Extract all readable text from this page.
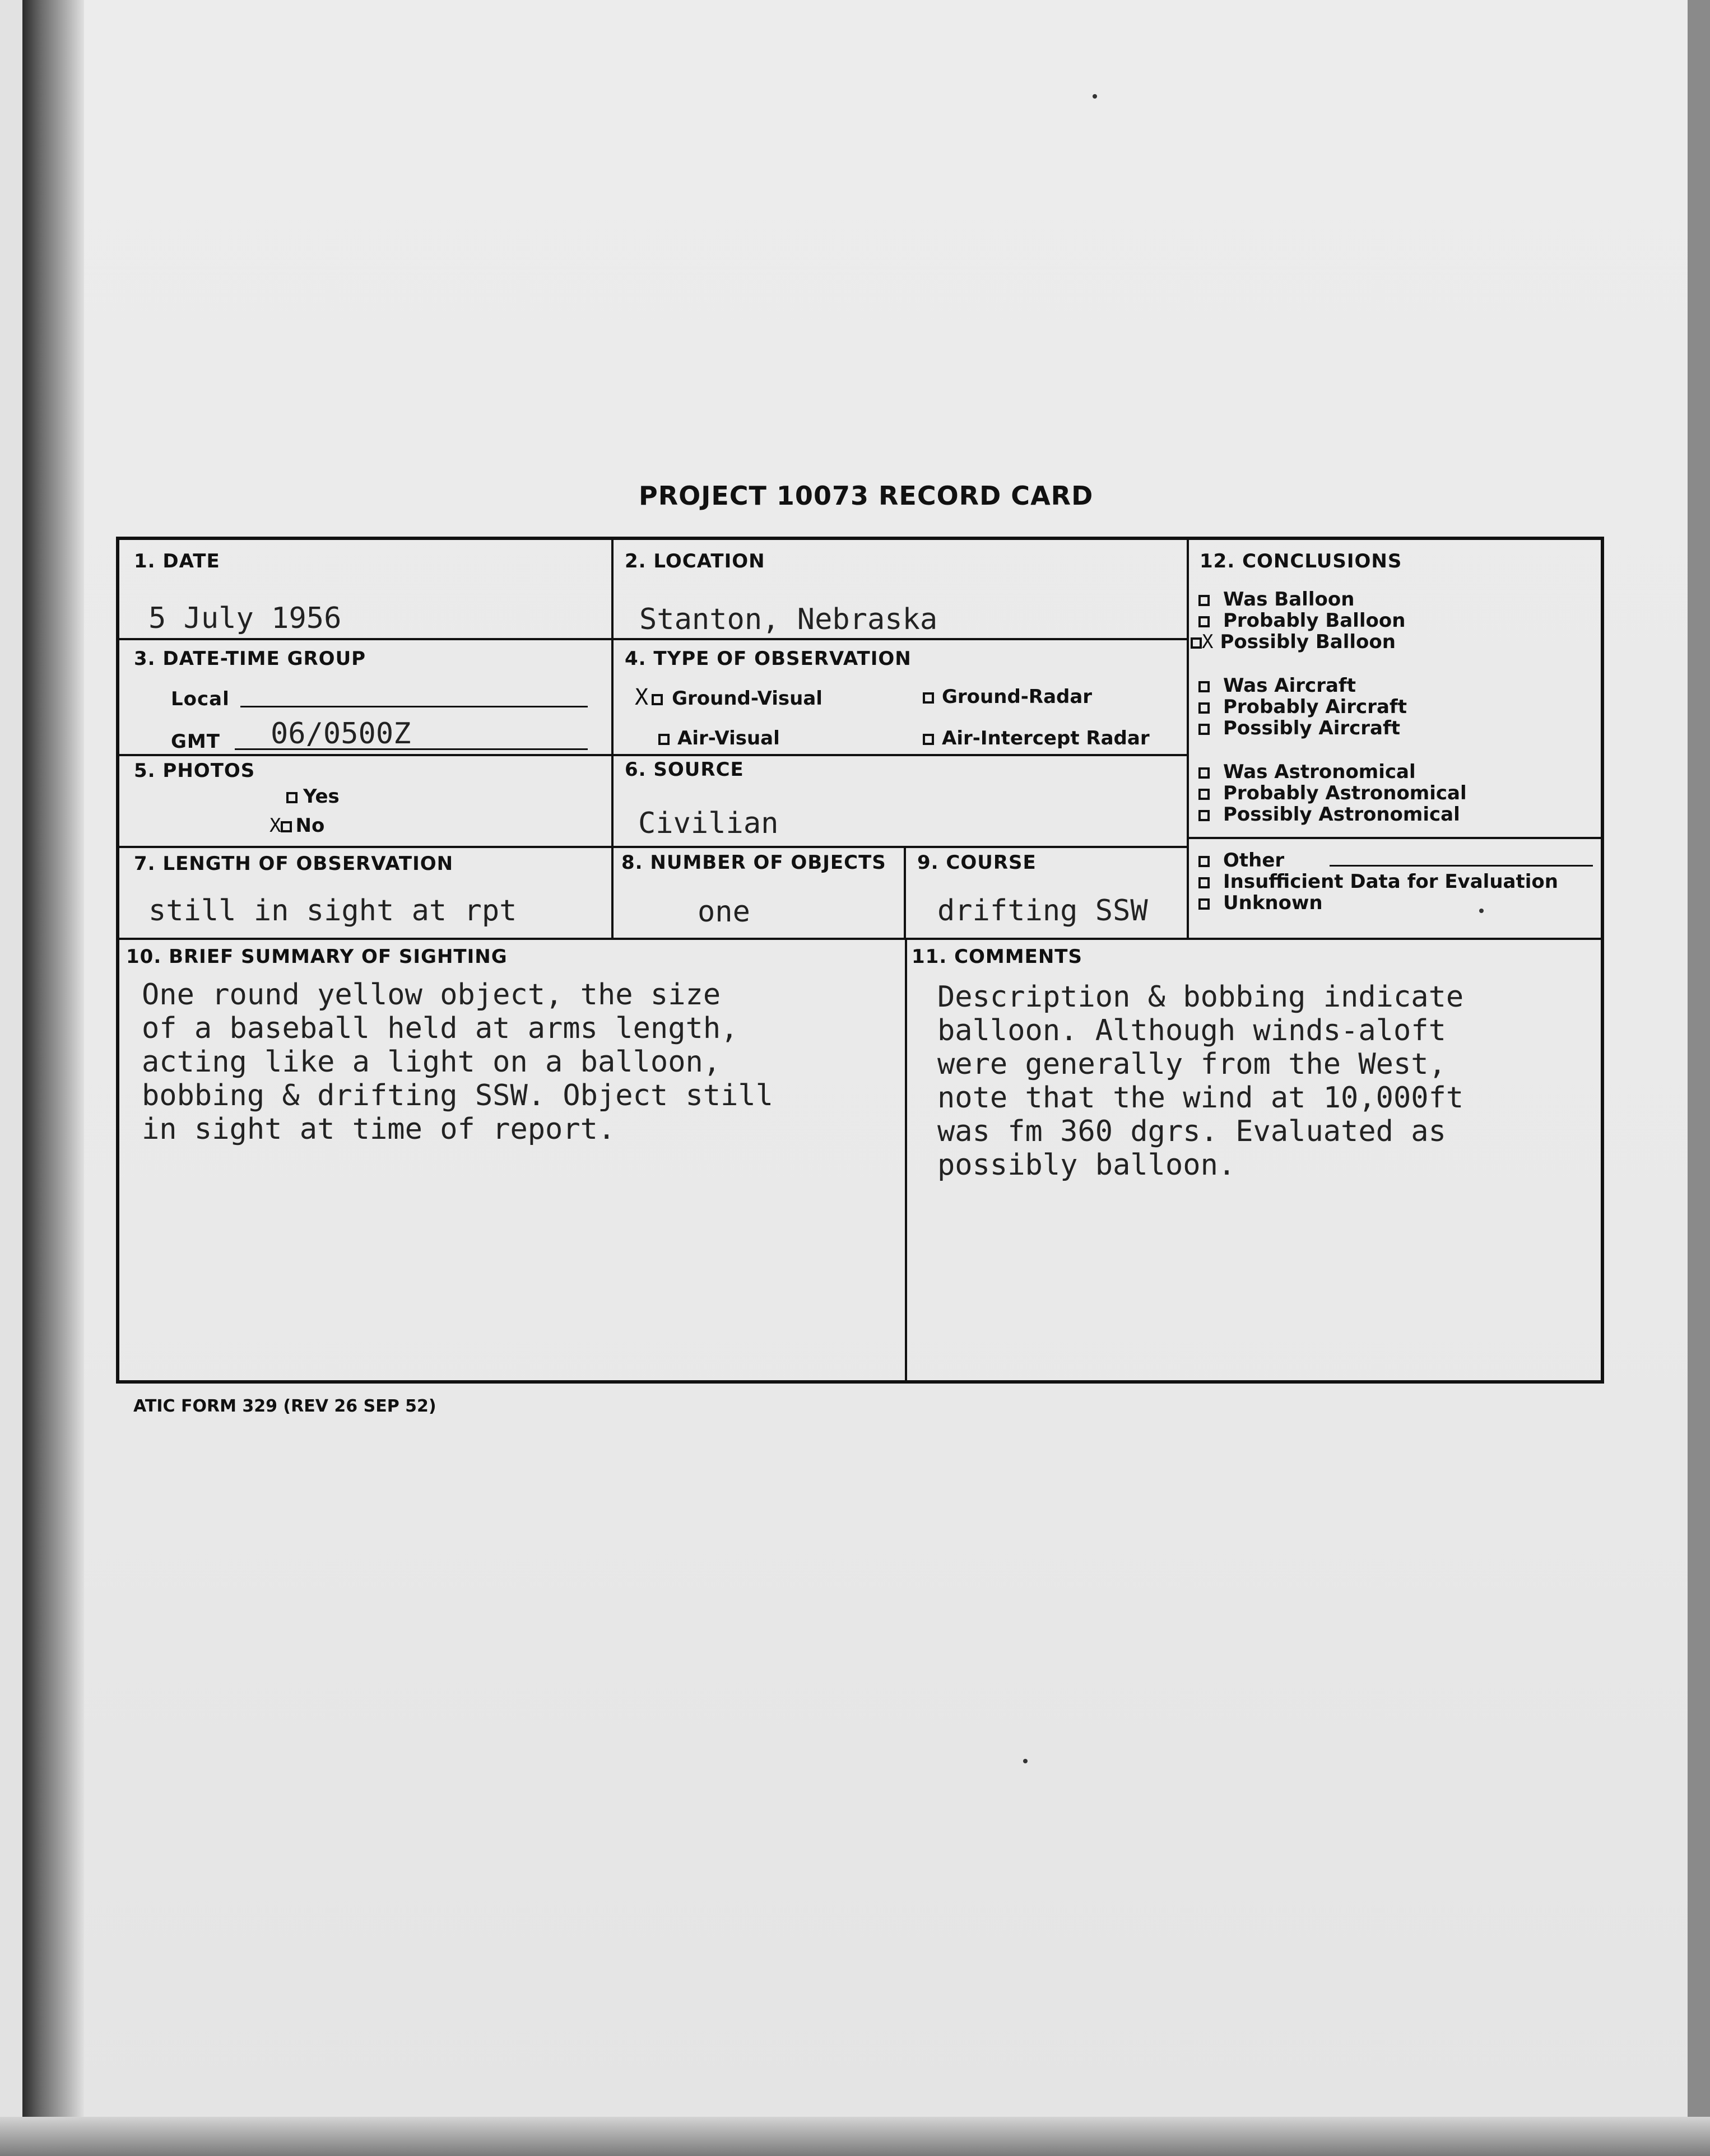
PROJECT 10073 RECORD CARD
1. DATE
5 July 1956
2. LOCATION
Stanton, Nebraska
3. DATE-TIME GROUP
Local
GMT 06/0500Z
4. TYPE OF OBSERVATION
X Ground-Visual	Ground-Radar
Air-Visual	Air-Intercept Radar
5. PHOTOS
Yes
X No
6. SOURCE
Civilian
7. LENGTH OF OBSERVATION
still in sight at rpt
8. NUMBER OF OBJECTS
one
9. COURSE
drifting SSW
10. BRIEF SUMMARY OF SIGHTING
One round yellow object, the size
of a baseball held at arms length,
acting like a light on a balloon,
bobbing & drifting SSW. Object still
in sight at time of report.
11. COMMENTS
Description & bobbing indicate
balloon. Although winds-aloft
were generally from the West,
note that the wind at 10,000ft
was fm 360 dgrs. Evaluated as
possibly balloon.
12. CONCLUSIONS
Was Balloon
Probably Balloon
X Possibly Balloon
Was Aircraft
Probably Aircraft
Possibly Aircraft
Was Astronomical
Probably Astronomical
Possibly Astronomical
Other
Insufficient Data for Evaluation
Unknown
ATIC FORM 329 (REV 26 SEP 52)
